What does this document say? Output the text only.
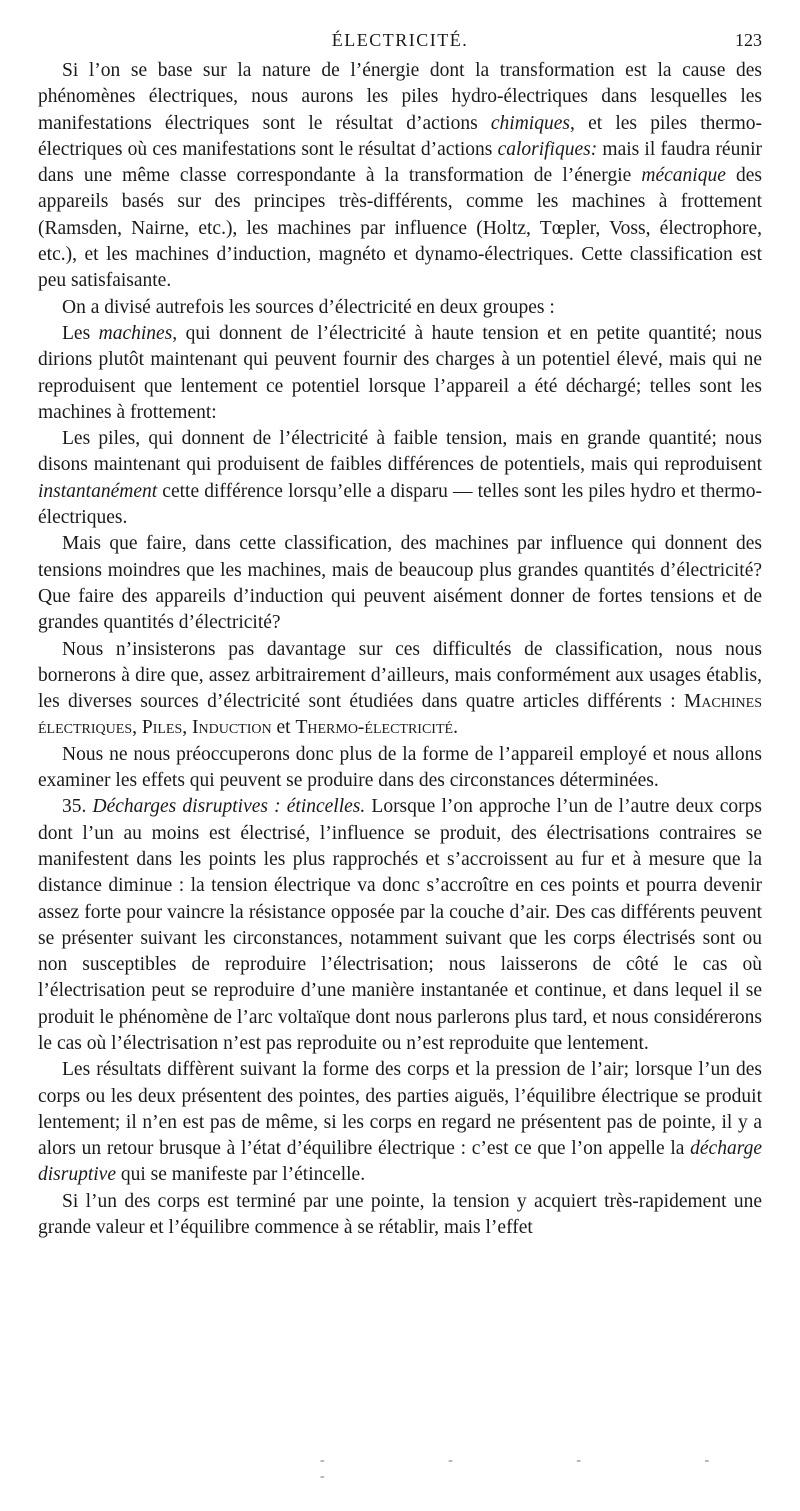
ÉLECTRICITÉ.	123

Si l’on se base sur la nature de l’énergie dont la transformation est la cause des phénomènes électriques, nous aurons les piles hydro-électriques dans lesquelles les manifestations électriques sont le résultat d’actions chimiques, et les piles thermo-électriques où ces manifestations sont le résultat d’actions calorifiques: mais il faudra réunir dans une même classe correspondante à la transformation de l’énergie mécanique des appareils basés sur des principes très-différents, comme les machines à frottement (Ramsden, Nairne, etc.), les machines par influence (Holtz, Tœpler, Voss, électrophore, etc.), et les machines d’induction, magnéto et dynamo-électriques. Cette classification est peu satisfaisante.

On a divisé autrefois les sources d’électricité en deux groupes :

Les machines, qui donnent de l’électricité à haute tension et en petite quantité; nous dirions plutôt maintenant qui peuvent fournir des charges à un potentiel élevé, mais qui ne reproduisent que lentement ce potentiel lorsque l’appareil a été déchargé; telles sont les machines à frottement:

Les piles, qui donnent de l’électricité à faible tension, mais en grande quantité; nous disons maintenant qui produisent de faibles différences de potentiels, mais qui reproduisent instantanément cette différence lorsqu’elle a disparu — telles sont les piles hydro et thermo-électriques.

Mais que faire, dans cette classification, des machines par influence qui donnent des tensions moindres que les machines, mais de beaucoup plus grandes quantités d’électricité? Que faire des appareils d’induction qui peuvent aisément donner de fortes tensions et de grandes quantités d’électricité?

Nous n’insisterons pas davantage sur ces difficultés de classification, nous nous bornerons à dire que, assez arbitrairement d’ailleurs, mais conformément aux usages établis, les diverses sources d’électricité sont étudiées dans quatre articles différents : Machines électriques, Piles, Induction et Thermo-électricité.

Nous ne nous préoccuperons donc plus de la forme de l’appareil employé et nous allons examiner les effets qui peuvent se produire dans des circonstances déterminées.

35. Décharges disruptives : étincelles. Lorsque l’on approche l’un de l’autre deux corps dont l’un au moins est électrisé, l’influence se produit, des électrisations contraires se manifestent dans les points les plus rapprochés et s’accroissent au fur et à mesure que la distance diminue : la tension électrique va donc s’accroître en ces points et pourra devenir assez forte pour vaincre la résistance opposée par la couche d’air. Des cas différents peuvent se présenter suivant les circonstances, notamment suivant que les corps électrisés sont ou non susceptibles de reproduire l’électrisation; nous laisserons de côté le cas où l’électrisation peut se reproduire d’une manière instantanée et continue, et dans lequel il se produit le phénomène de l’arc voltaïque dont nous parlerons plus tard, et nous considérerons le cas où l’électrisation n’est pas reproduite ou n’est reproduite que lentement.

Les résultats diffèrent suivant la forme des corps et la pression de l’air; lorsque l’un des corps ou les deux présentent des pointes, des parties aiguës, l’équilibre électrique se produit lentement; il n’en est pas de même, si les corps en regard ne présentent pas de pointe, il y a alors un retour brusque à l’état d’équilibre électrique : c’est ce que l’on appelle la décharge disruptive qui se manifeste par l’étincelle.

Si l’un des corps est terminé par une pointe, la tension y acquiert très-rapidement une grande valeur et l’équilibre commence à se rétablir, mais l’effet

- - - - -
